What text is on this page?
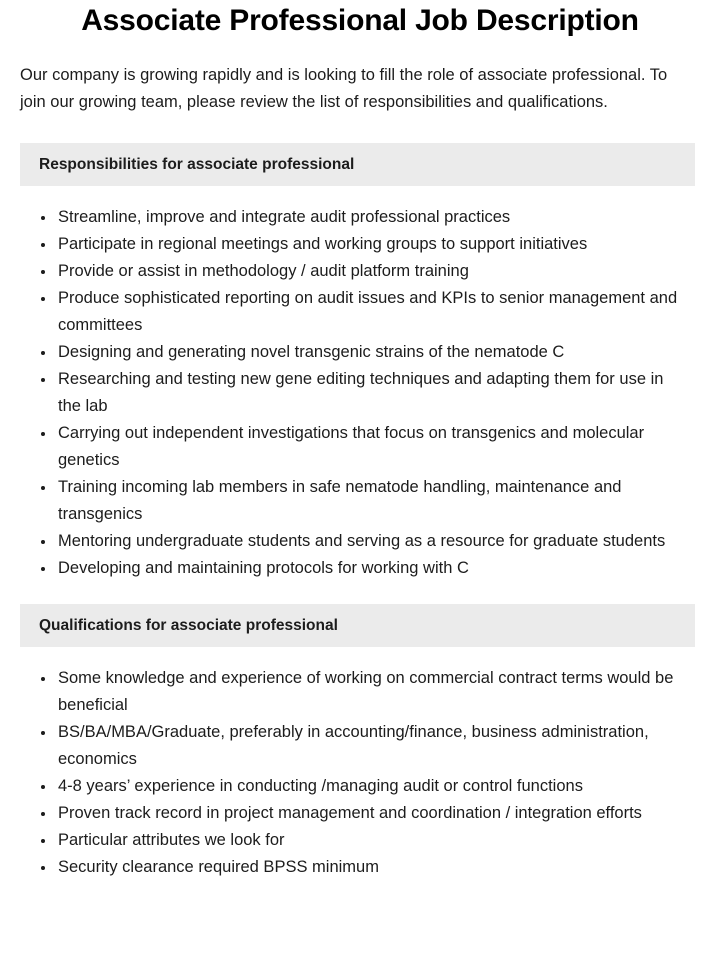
Associate Professional Job Description

Our company is growing rapidly and is looking to fill the role of associate professional. To join our growing team, please review the list of responsibilities and qualifications.

Responsibilities for associate professional
Streamline, improve and integrate audit professional practices
Participate in regional meetings and working groups to support initiatives
Provide or assist in methodology / audit platform training
Produce sophisticated reporting on audit issues and KPIs to senior management and committees
Designing and generating novel transgenic strains of the nematode C
Researching and testing new gene editing techniques and adapting them for use in the lab
Carrying out independent investigations that focus on transgenics and molecular genetics
Training incoming lab members in safe nematode handling, maintenance and transgenics
Mentoring undergraduate students and serving as a resource for graduate students
Developing and maintaining protocols for working with C
Qualifications for associate professional
Some knowledge and experience of working on commercial contract terms would be beneficial
BS/BA/MBA/Graduate, preferably in accounting/finance, business administration, economics
4-8 years’ experience in conducting /managing audit or control functions
Proven track record in project management and coordination / integration efforts
Particular attributes we look for
Security clearance required BPSS minimum
